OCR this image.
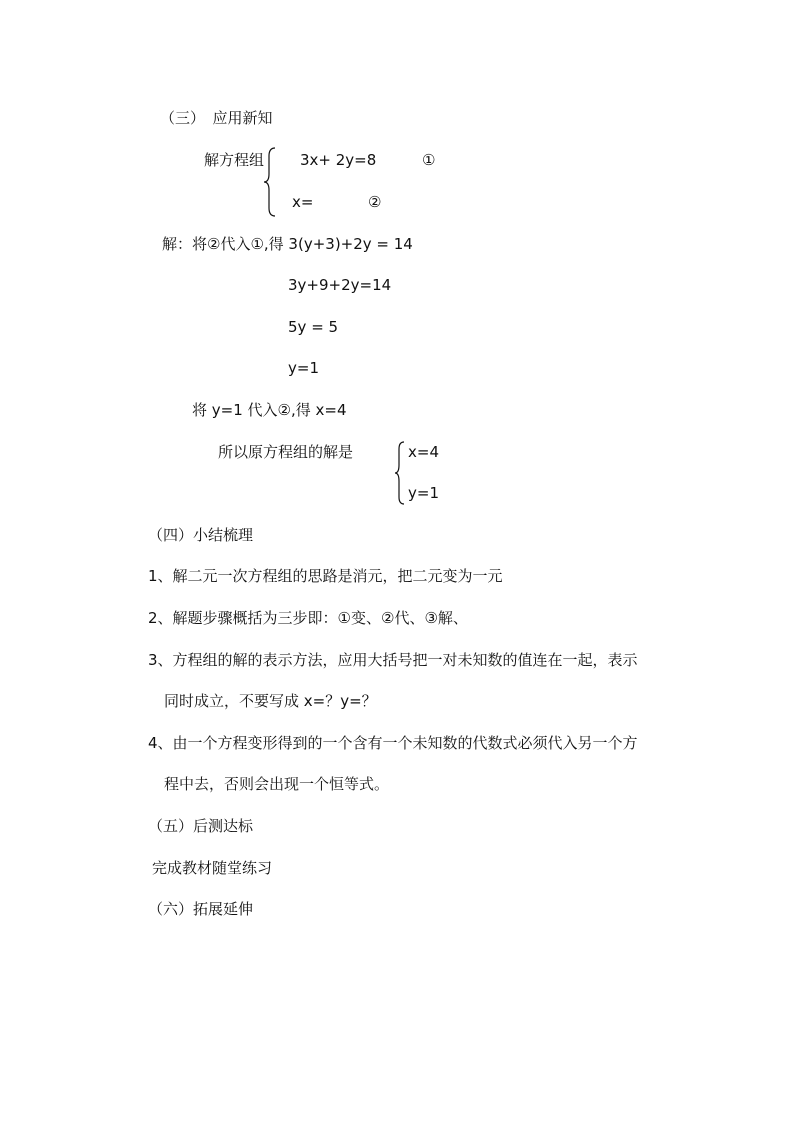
（三）　应用新知
解方程组 3x+ 2y=8	①
x=	②
解：将②代入①,得 3(y+3)+2y = 14
3y+9+2y=14
5y = 5
y=1
将 y=1 代入②,得 x=4
所以原方程组的解是	x=4
y=1
（四）小结梳理
1、解二元一次方程组的思路是消元，把二元变为一元
2、解题步骤概括为三步即：①变、②代、③解、
3、方程组的解的表示方法，应用大括号把一对未知数的值连在一起，表示
同时成立，不要写成 x=？y=？
4、由一个方程变形得到的一个含有一个未知数的代数式必须代入另一个方
程中去，否则会出现一个恒等式。
（五）后测达标
完成教材随堂练习
（六）拓展延伸
